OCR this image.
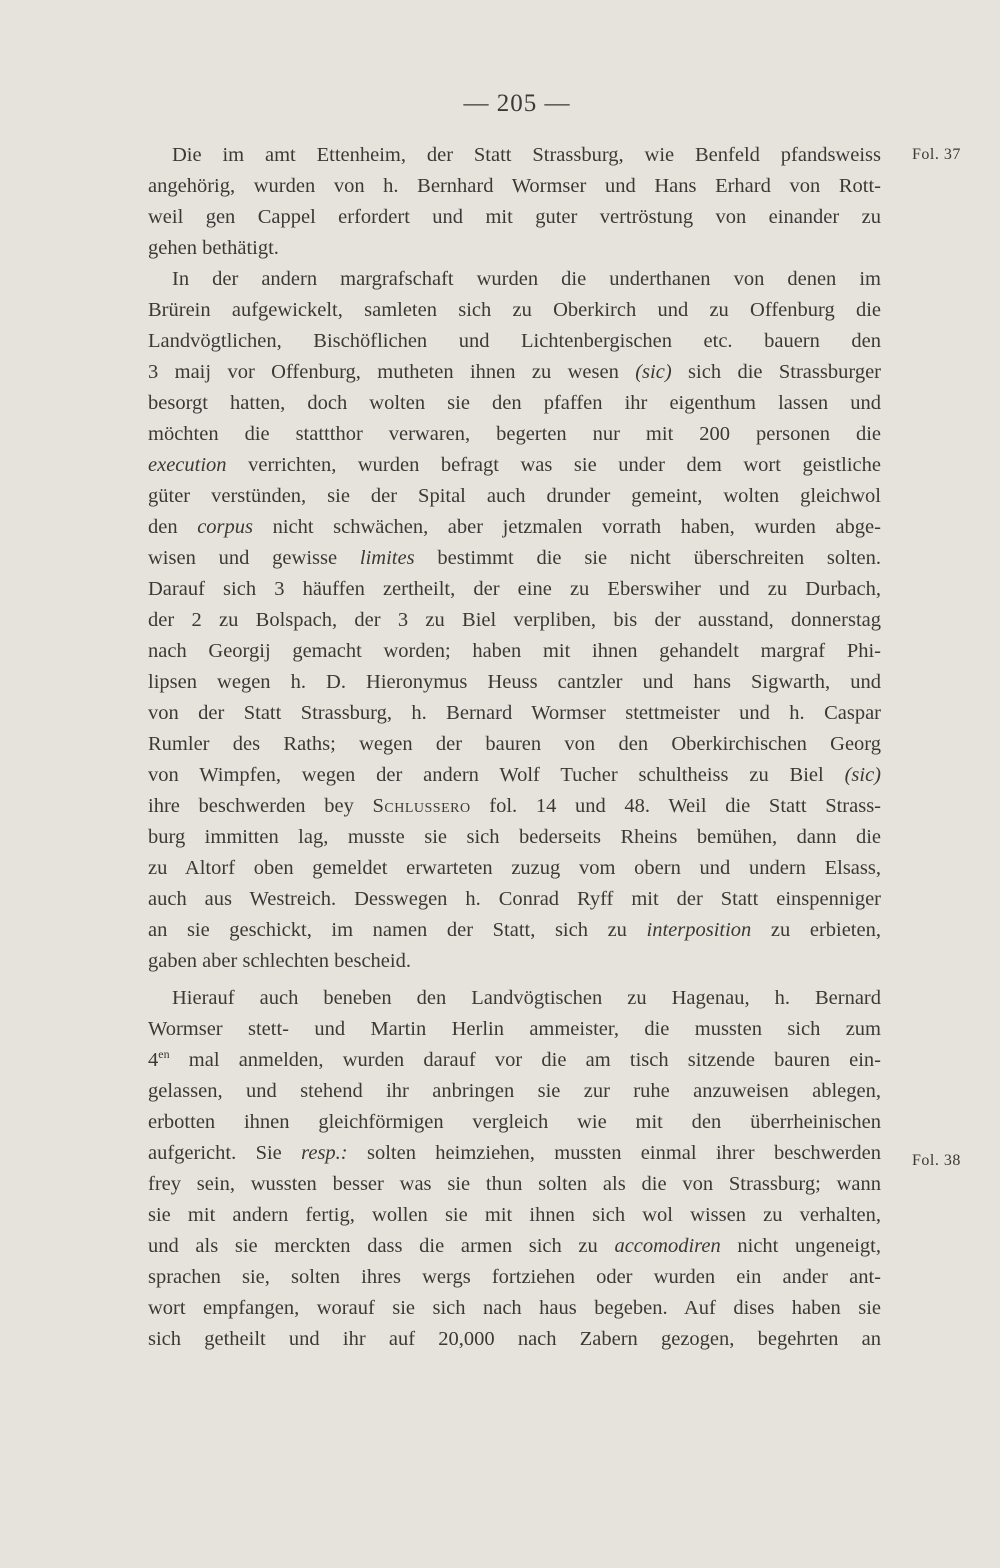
— 205 —
Fol. 37
Fol. 38

Die im amt Ettenheim, der Statt Strassburg, wie Benfeld pfandsweiss

angehörig, wurden von h. Bernhard Wormser und Hans Erhard von Rott-

weil gen Cappel erfordert und mit guter vertröstung von einander zu

gehen bethätigt.

In der andern margrafschaft wurden die underthanen von denen im

Brürein aufgewickelt, samleten sich zu Oberkirch und zu Offenburg die

Landvögtlichen, Bischöflichen und Lichtenbergischen etc. bauern den

3 maij vor Offenburg, mutheten ihnen zu wesen (sic) sich die Strassburger

besorgt hatten, doch wolten sie den pfaffen ihr eigenthum lassen und

möchten die stattthor verwaren, begerten nur mit 200 personen die

execution verrichten, wurden befragt was sie under dem wort geistliche

güter verstünden, sie der Spital auch drunder gemeint, wolten gleichwol

den corpus nicht schwächen, aber jetzmalen vorrath haben, wurden abge-

wisen und gewisse limites bestimmt die sie nicht überschreiten solten.

Darauf sich 3 häuffen zertheilt, der eine zu Eberswiher und zu Durbach,

der 2 zu Bolspach, der 3 zu Biel verpliben, bis der ausstand, donnerstag

nach Georgij gemacht worden; haben mit ihnen gehandelt margraf Phi-

lipsen wegen h. D. Hieronymus Heuss cantzler und hans Sigwarth, und

von der Statt Strassburg, h. Bernard Wormser stettmeister und h. Caspar

Rumler des Raths; wegen der bauren von den Oberkirchischen Georg

von Wimpfen, wegen der andern Wolf Tucher schultheiss zu Biel (sic)

ihre beschwerden bey Schlussero fol. 14 und 48. Weil die Statt Strass-

burg immitten lag, musste sie sich bederseits Rheins bemühen, dann die

zu Altorf oben gemeldet erwarteten zuzug vom obern und undern Elsass,

auch aus Westreich. Desswegen h. Conrad Ryff mit der Statt einspenniger

an sie geschickt, im namen der Statt, sich zu interposition zu erbieten,

gaben aber schlechten bescheid.

Hierauf auch beneben den Landvögtischen zu Hagenau, h. Bernard

Wormser stett- und Martin Herlin ammeister, die mussten sich zum

$4^{en}$ mal anmelden, wurden darauf vor die am tisch sitzende bauren ein-

gelassen, und stehend ihr anbringen sie zur ruhe anzuweisen ablegen,

erbotten ihnen gleichförmigen vergleich wie mit den überrheinischen

aufgericht. Sie resp.: solten heimziehen, mussten einmal ihrer beschwerden

frey sein, wussten besser was sie thun solten als die von Strassburg; wann

sie mit andern fertig, wollen sie mit ihnen sich wol wissen zu verhalten,

und als sie merckten dass die armen sich zu accomodiren nicht ungeneigt,

sprachen sie, solten ihres wergs fortziehen oder wurden ein ander ant-

wort empfangen, worauf sie sich nach haus begeben. Auf dises haben sie

sich getheilt und ihr auf 20,000 nach Zabern gezogen, begehrten an
